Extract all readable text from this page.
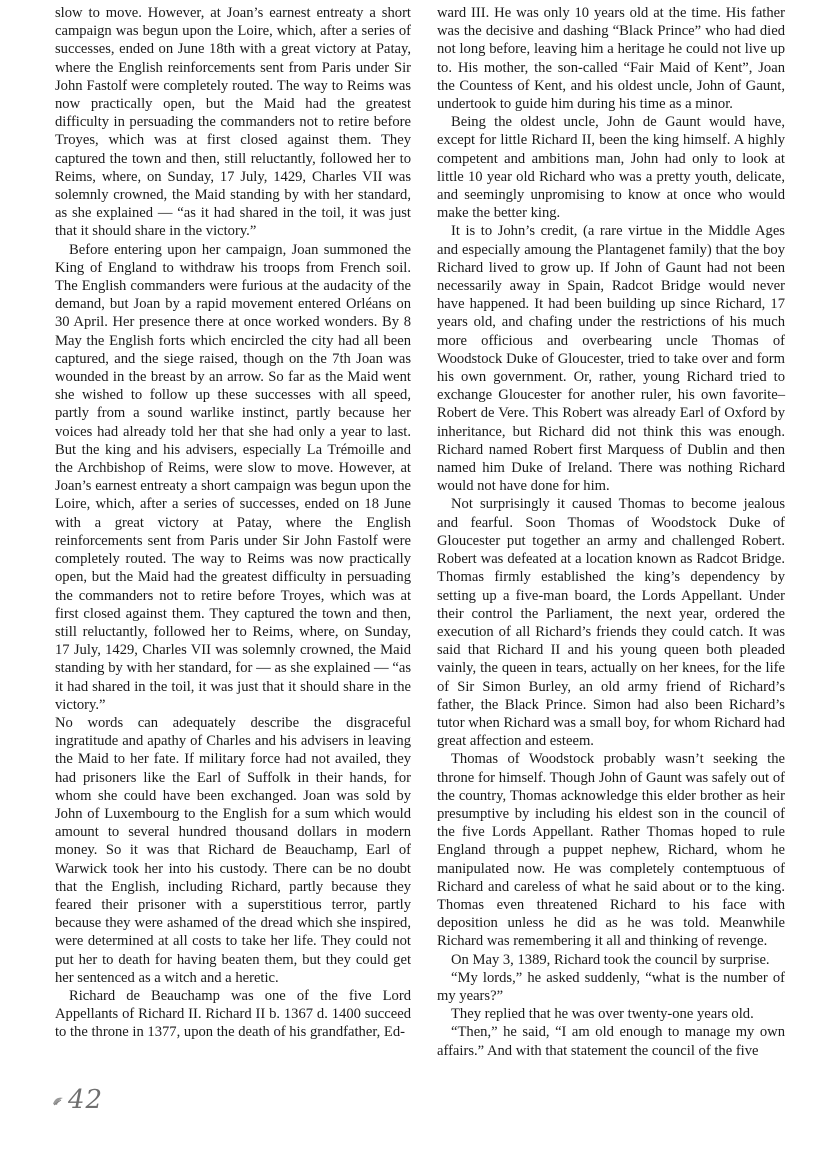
slow to move. However, at Joan’s earnest entreaty a short campaign was begun upon the Loire, which, after a series of successes, ended on June 18th with a great victory at Patay, where the English reinforcements sent from Paris under Sir John Fastolf were completely routed. The way to Reims was now practically open, but the Maid had the greatest difficulty in persuading the commanders not to retire before Troyes, which was at first closed against them. They captured the town and then, still reluctantly, followed her to Reims, where, on Sunday, 17 July, 1429, Charles VII was solemnly crowned, the Maid standing by with her standard, as she explained — “as it had shared in the toil, it was just that it should share in the victory.”

Before entering upon her campaign, Joan summoned the King of England to withdraw his troops from French soil. The English commanders were furious at the audacity of the demand, but Joan by a rapid movement entered Orléans on 30 April. Her presence there at once worked wonders. By 8 May the English forts which encircled the city had all been captured, and the siege raised, though on the 7th Joan was wounded in the breast by an arrow. So far as the Maid went she wished to follow up these successes with all speed, partly from a sound warlike instinct, partly because her voices had already told her that she had only a year to last. But the king and his advisers, especially La Trémoille and the Archbishop of Reims, were slow to move. However, at Joan’s earnest entreaty a short campaign was begun upon the Loire, which, after a series of successes, ended on 18 June with a great victory at Patay, where the English reinforcements sent from Paris under Sir John Fastolf were completely routed. The way to Reims was now practically open, but the Maid had the greatest difficulty in persuading the commanders not to retire before Troyes, which was at first closed against them. They captured the town and then, still reluctantly, followed her to Reims, where, on Sunday, 17 July, 1429, Charles VII was solemnly crowned, the Maid standing by with her standard, for — as she explained — “as it had shared in the toil, it was just that it should share in the victory.”

No words can adequately describe the disgraceful ingratitude and apathy of Charles and his advisers in leaving the Maid to her fate. If military force had not availed, they had prisoners like the Earl of Suffolk in their hands, for whom she could have been exchanged. Joan was sold by John of Luxembourg to the English for a sum which would amount to several hundred thousand dollars in modern money. So it was that Richard de Beauchamp, Earl of Warwick took her into his custody. There can be no doubt that the English, including Richard, partly because they feared their prisoner with a superstitious terror, partly because they were ashamed of the dread which she inspired, were determined at all costs to take her life. They could not put her to death for having beaten them, but they could get her sentenced as a witch and a heretic.

Richard de Beauchamp was one of the five Lord Appellants of Richard II. Richard II b. 1367 d. 1400 succeed to the throne in 1377, upon the death of his grandfather, Ed-

ward III. He was only 10 years old at the time. His father was the decisive and dashing “Black Prince” who had died not long before, leaving him a heritage he could not live up to. His mother, the son-called “Fair Maid of Kent”, Joan the Countess of Kent, and his oldest uncle, John of Gaunt, undertook to guide him during his time as a minor.

Being the oldest uncle, John de Gaunt would have, except for little Richard II, been the king himself. A highly competent and ambitions man, John had only to look at little 10 year old Richard who was a pretty youth, delicate, and seemingly unpromising to know at once who would make the better king.

It is to John’s credit, (a rare virtue in the Middle Ages and especially amoung the Plantagenet family) that the boy Richard lived to grow up. If John of Gaunt had not been necessarily away in Spain, Radcot Bridge would never have happened. It had been building up since Richard, 17 years old, and chafing under the restrictions of his much more officious and overbearing uncle Thomas of Woodstock Duke of Gloucester, tried to take over and form his own government. Or, rather, young Richard tried to exchange Gloucester for another ruler, his own favorite–Robert de Vere. This Robert was already Earl of Oxford by inheritance, but Richard did not think this was enough. Richard named Robert first Marquess of Dublin and then named him Duke of Ireland. There was nothing Richard would not have done for him.

Not surprisingly it caused Thomas to become jealous and fearful. Soon Thomas of Woodstock Duke of Gloucester put together an army and challenged Robert. Robert was defeated at a location known as Radcot Bridge. Thomas firmly established the king’s dependency by setting up a five-man board, the Lords Appellant. Under their control the Parliament, the next year, ordered the execution of all Richard’s friends they could catch. It was said that Richard II and his young queen both pleaded vainly, the queen in tears, actually on her knees, for the life of Sir Simon Burley, an old army friend of Richard’s father, the Black Prince. Simon had also been Richard’s tutor when Richard was a small boy, for whom Richard had great affection and esteem.

Thomas of Woodstock probably wasn’t seeking the throne for himself. Though John of Gaunt was safely out of the country, Thomas acknowledge this elder brother as heir presumptive by including his eldest son in the council of the five Lords Appellant. Rather Thomas hoped to rule England through a puppet nephew, Richard, whom he manipulated now. He was completely contemptuous of Richard and careless of what he said about or to the king. Thomas even threatened Richard to his face with deposition unless he did as he was told. Meanwhile Richard was remembering it all and thinking of revenge.

On May 3, 1389, Richard took the council by surprise.

“My lords,” he asked suddenly, “what is the number of my years?”

They replied that he was over twenty-one years old.

“Then,” he said, “I am old enough to manage my own affairs.” And with that statement the council of the five

42
